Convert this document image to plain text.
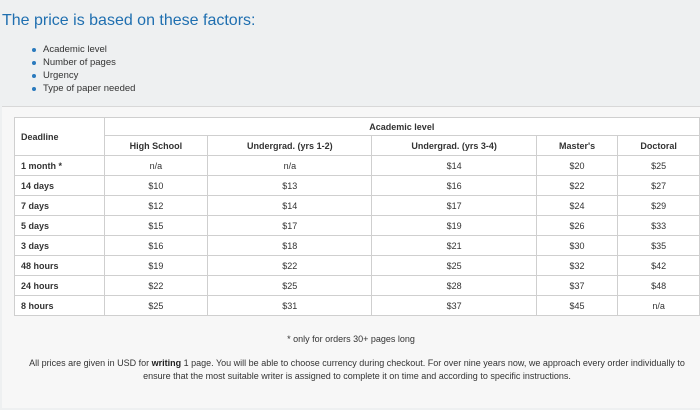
The price is based on these factors:
Academic level
Number of pages
Urgency
Type of paper needed
Deadline	Academic level				
	High School	Undergrad. (yrs 1-2)	Undergrad. (yrs 3-4)	Master's	Doctoral
1 month *	n/a	n/a	$14	$20	$25
14 days	$10	$13	$16	$22	$27
7 days	$12	$14	$17	$24	$29
5 days	$15	$17	$19	$26	$33
3 days	$16	$18	$21	$30	$35
48 hours	$19	$22	$25	$32	$42
24 hours	$22	$25	$28	$37	$48
8 hours	$25	$31	$37	$45	n/a
* only for orders 30+ pages long
All prices are given in USD for writing 1 page. You will be able to choose currency during checkout. For over nine years now, we approach every order individually to ensure that the most suitable writer is assigned to complete it on time and according to specific instructions.
